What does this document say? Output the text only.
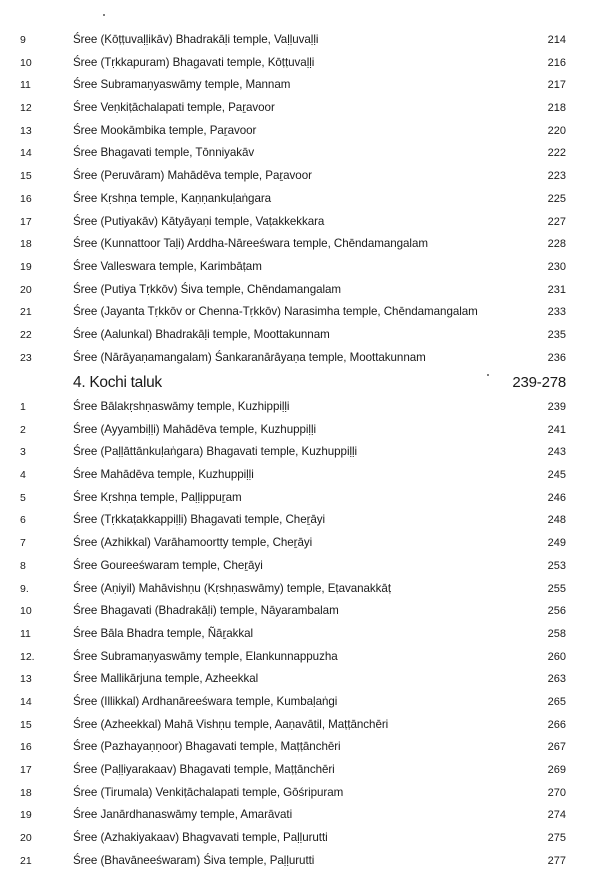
9	Śree (Kōṭṭuvaḷḷikāv) Bhadrakāḷi temple, Vaḷḷuvaḷḷi	214
10	Śree (Tṛkkapuram) Bhagavati temple, Kōṭṭuvaḷḷi	216
11	Śree Subramaṇyaswāmy temple, Mannam	217
12	Śree Veṇkiṭāchalapati temple, Paṟavoor	218
13	Śree Mookāmbika temple, Paṟavoor	220
14	Śree Bhagavati temple, Tōnniyakāv	222
15	Śree (Peruvāram) Mahādēva temple, Paṟavoor	223
16	Śree Kṛshṇa temple, Kaṇṇankuḷaṅgara	225
17	Śree (Putiyakāv) Kātyāyaṇi temple, Vaṭakkekkara	227
18	Śree (Kunnattoor Taḷi) Arddha-Nāreeśwara temple, Chēndamangalam	228
19	Śree Valleswara temple, Karimbāṭam	230
20	Śree (Putiya Tṛkkōv) Śiva temple, Chēndamangalam	231
21	Śree (Jayanta Tṛkkōv or Chenna-Tṛkkōv) Narasimha temple, Chēndamangalam	233
22	Śree (Aalunkal) Bhadrakāḷi temple, Moottakunnam	235
23	Śree (Nārāyaṇamangalam) Śankaranārāyaṇa temple, Moottakunnam	236
4. Kochi taluk	239-278
1	Śree Bālakṛshṇaswāmy temple, Kuzhippiḷḷi	239
2	Śree (Ayyambiḷḷi) Mahādēva temple, Kuzhuppiḷḷi	241
3	Śree (Paḷḷāttānkuḷaṅgara) Bhagavati temple, Kuzhuppiḷḷi	243
4	Śree Mahādēva temple, Kuzhuppiḷḷi	245
5	Śree Kṛshṇa temple, Paḷḷippuṟam	246
6	Śree (Tṛkkaṭakkappiḷḷi) Bhagavati temple, Cheṟāyi	248
7	Śree (Azhikkal) Varāhamoortty temple, Cheṟāyi	249
8	Śree Goureeśwaram temple, Cheṟāyi	253
9.	Śree (Aṇiyil) Mahāvishṇu (Kṛshṇaswāmy) temple, Eṭavanakkāṭ	255
10	Śree Bhagavati (Bhadrakāḷi) temple, Nāyarambalam	256
11	Śree Bāla Bhadra temple, Ñāṟakkal	258
12.	Śree Subramaṇyaswāmy temple, Elankunnappuzha	260
13	Śree Mallikārjuna temple, Azheekkal	263
14	Śree (Illikkal) Ardhanāreeśwara temple, Kumbaḷaṅgi	265
15	Śree (Azheekkal) Mahā Vishṇu temple, Aaṇavātil, Maṭṭānchēri	266
16	Śree (Pazhayaṇṇoor) Bhagavati temple, Maṭṭānchēri	267
17	Śree (Paḷḷiyarakaav) Bhagavati temple, Maṭṭānchēri	269
18	Śree (Tirumala) Venkiṭāchalapati temple, Gōśripuram	270
19	Śree Janārdhanaswāmy temple, Amarāvati	274
20	Śree (Azhakiyakaav) Bhagvavati temple, Paḷḷurutti	275
21	Śree (Bhavāneeśwaram) Śiva temple, Paḷḷurutti	277
